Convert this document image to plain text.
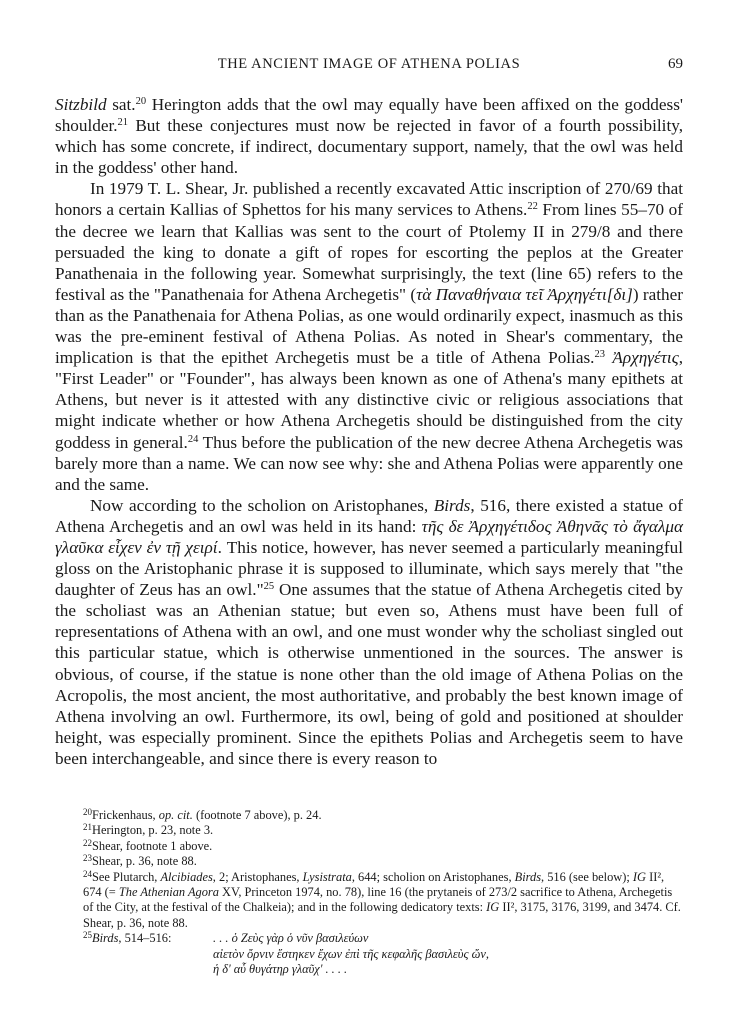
THE ANCIENT IMAGE OF ATHENA POLIAS	69

Sitzbild sat.$^{20}$ Herington adds that the owl may equally have been affixed on the goddess' shoulder.$^{21}$ But these conjectures must now be rejected in favor of a fourth possibility, which has some concrete, if indirect, documentary support, namely, that the owl was held in the goddess' other hand.

In 1979 T. L. Shear, Jr. published a recently excavated Attic inscription of 270/69 that honors a certain Kallias of Sphettos for his many services to Athens.$^{22}$ From lines 55–70 of the decree we learn that Kallias was sent to the court of Ptolemy II in 279/8 and there persuaded the king to donate a gift of ropes for escorting the peplos at the Greater Panathenaia in the following year. Somewhat surprisingly, the text (line 65) refers to the festival as the "Panathenaia for Athena Archegetis" (τὰ Παναθήναια τεῖ Ἀρχηγέτι[δι]) rather than as the Panathenaia for Athena Polias, as one would ordinarily expect, inasmuch as this was the pre-eminent festival of Athena Polias. As noted in Shear's commentary, the implication is that the epithet Archegetis must be a title of Athena Polias.$^{23}$ Ἀρχηγέτις, "First Leader" or "Founder", has always been known as one of Athena's many epithets at Athens, but never is it attested with any distinctive civic or religious associations that might indicate whether or how Athena Archegetis should be distinguished from the city goddess in general.$^{24}$ Thus before the publication of the new decree Athena Archegetis was barely more than a name. We can now see why: she and Athena Polias were apparently one and the same.

Now according to the scholion on Aristophanes, Birds, 516, there existed a statue of Athena Archegetis and an owl was held in its hand: τῆς δε Ἀρχηγέτιδος Ἀθηνᾶς τὸ ἄγαλμα γλαῦκα εἶχεν ἐν τῇ χειρί. This notice, however, has never seemed a particularly meaningful gloss on the Aristophanic phrase it is supposed to illuminate, which says merely that "the daughter of Zeus has an owl."$^{25}$ One assumes that the statue of Athena Archegetis cited by the scholiast was an Athenian statue; but even so, Athens must have been full of representations of Athena with an owl, and one must wonder why the scholiast singled out this particular statue, which is otherwise unmentioned in the sources. The answer is obvious, of course, if the statue is none other than the old image of Athena Polias on the Acropolis, the most ancient, the most authoritative, and probably the best known image of Athena involving an owl. Furthermore, its owl, being of gold and positioned at shoulder height, was especially prominent. Since the epithets Polias and Archegetis seem to have been interchangeable, and since there is every reason to

$^{20}$Frickenhaus, op. cit. (footnote 7 above), p. 24.
$^{21}$Herington, p. 23, note 3.
$^{22}$Shear, footnote 1 above.
$^{23}$Shear, p. 36, note 88.
$^{24}$See Plutarch, Alcibiades, 2; Aristophanes, Lysistrata, 644; scholion on Aristophanes, Birds, 516 (see below); IG II², 674 (= The Athenian Agora XV, Princeton 1974, no. 78), line 16 (the prytaneis of 273/2 sacrifice to Athena, Archegetis of the City, at the festival of the Chalkeia); and in the following dedicatory texts: IG II², 3175, 3176, 3199, and 3474. Cf. Shear, p. 36, note 88.
$^{25}$Birds, 514–516:	. . . ὁ Ζεὺς γὰρ ὁ νῦν βασιλεύων
αἰετὸν ὄρνιν ἕστηκεν ἔχων ἐπὶ τῆς κεφαλῆς βασιλεὺς ὤν,
ἡ δ' αὖ θυγάτηρ γλαῦχ' . . . .
